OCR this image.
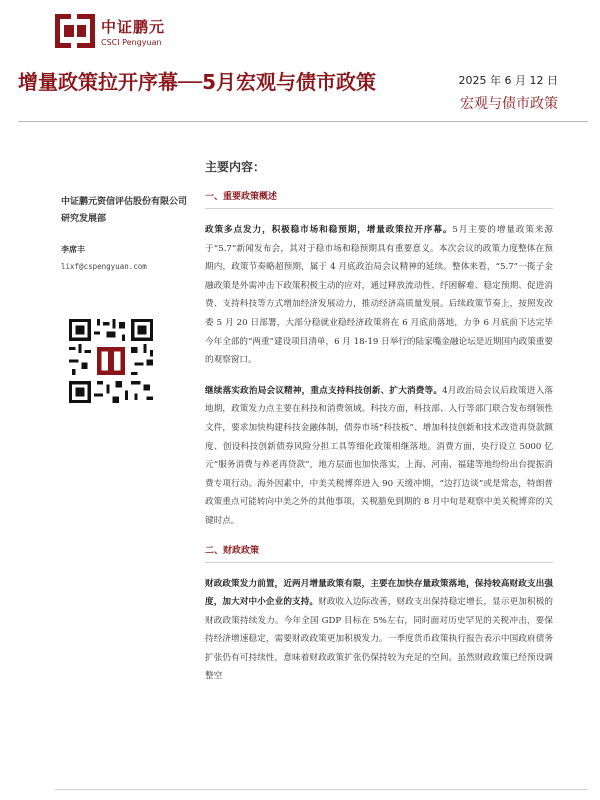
中证鹏元
CSCI Pengyuan
增量政策拉开序幕──5月宏观与债市政策	2025 年 6 月 12 日
宏观与债市政策
中证鹏元资信评估股份有限公司
研究发展部
李席丰
lixf@cspengyuan.com
主要内容：
一、重要政策概述

政策多点发力，积极稳市场和稳预期，增量政策拉开序幕。5月主要的增量政策来源于“5.7”新闻发布会，其对于稳市场和稳预期具有重要意义。本次会议的政策力度整体在预期内，政策节奏略超预期，属于 4 月底政治局会议精神的延续。整体来看，“5.7”一揽子金融政策是外需冲击下政策积极主动的应对，通过释放流动性、纾困解难、稳定预期、促进消费、支持科技等方式增加经济发展动力，推动经济高质量发展。后续政策节奏上，按照发改委 5 月 20 日部署，大部分稳就业稳经济政策将在 6 月底前落地，力争 6 月底前下达完毕今年全部的“两重”建设项目清单，6 月 18-19 日举行的陆家嘴金融论坛是近期国内政策重要的观察窗口。

继续落实政治局会议精神，重点支持科技创新、扩大消费等。4月政治局会议后政策进入落地期，政策发力点主要在科技和消费领域。科技方面，科技部、人行等部门联合发布纲领性文件，要求加快构建科技金融体制，债券市场“科技板”、增加科技创新和技术改造再贷款额度、创设科技创新债券风险分担工具等细化政策相继落地。消费方面，央行设立 5000 亿元“服务消费与养老再贷款”，地方层面也加快落实，上海、河南、福建等地纷纷出台提振消费专项行动。海外因素中，中美关税博弈进入 90 天缓冲期，“边打边谈”或是常态，特朗普政策重点可能转向中美之外的其他事项，关税豁免到期的 8 月中旬是观察中美关税博弈的关键时点。

二、财政政策

财政政策发力前置，近两月增量政策有限，主要在加快存量政策落地，保持较高财政支出强度，加大对中小企业的支持。财政收入边际改善，财政支出保持稳定增长，显示更加积极的财政政策持续发力。今年全国 GDP 目标在 5%左右，同时面对历史罕见的关税冲击，要保持经济增速稳定，需要财政政策更加积极发力。一季度货币政策执行报告表示中国政府债务扩张仍有可持续性，意味着财政政策扩张仍保持较为充足的空间。虽然财政政策已经预设调整空
